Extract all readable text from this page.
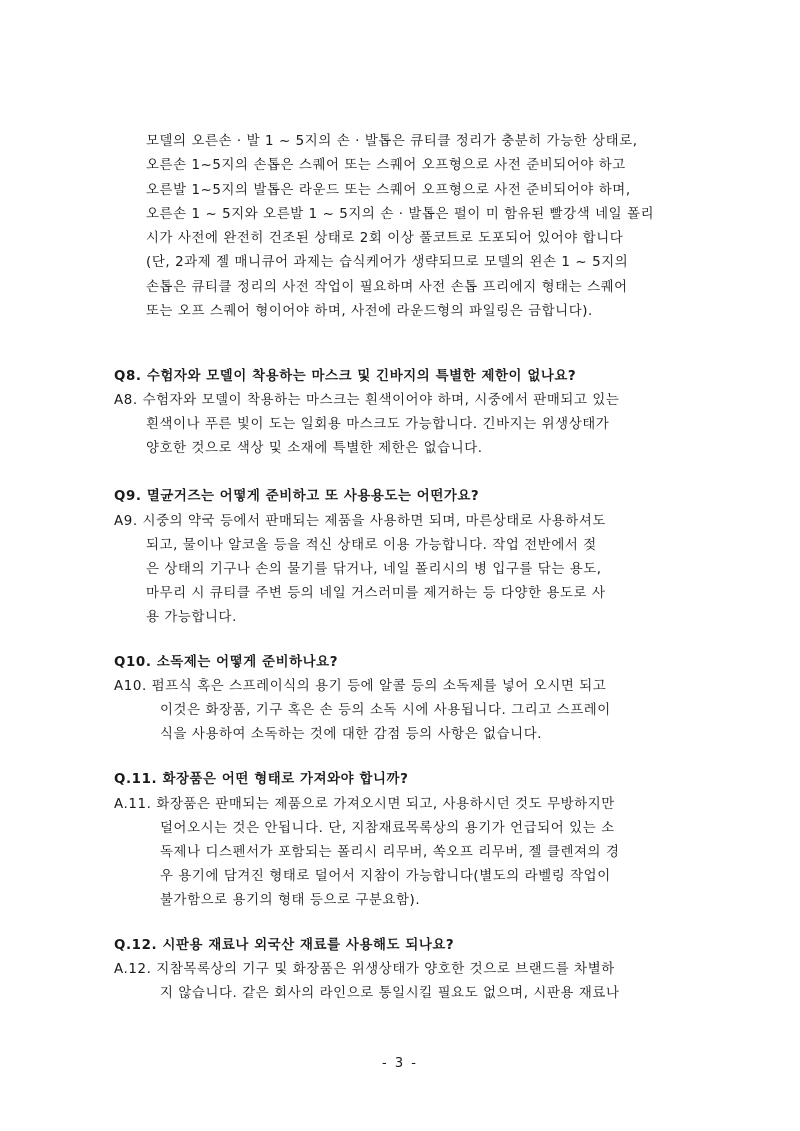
모델의 오른손 · 발 1 ~ 5지의 손 · 발톱은 큐티클 정리가 충분히 가능한 상태로,
오른손 1~5지의 손톱은 스퀘어 또는 스퀘어 오프형으로 사전 준비되어야 하고
오른발 1~5지의 발톱은 라운드 또는 스퀘어 오프형으로 사전 준비되어야 하며,
오른손 1 ~ 5지와 오른발 1 ~ 5지의 손 · 발톱은 펄이 미 함유된 빨강색 네일 폴리
시가 사전에 완전히 건조된 상태로 2회 이상 풀코트로 도포되어 있어야 합니다
(단, 2과제 젤 매니큐어 과제는 습식케어가 생략되므로 모델의 왼손 1 ~ 5지의
손톱은 큐티클 정리의 사전 작업이 필요하며 사전 손톱 프리에지 형태는 스퀘어
또는 오프 스퀘어 형이어야 하며, 사전에 라운드형의 파일링은 금합니다).
Q8. 수험자와 모델이 착용하는 마스크 및 긴바지의 특별한 제한이 없나요?
A8. 수험자와 모델이 착용하는 마스크는 흰색이어야 하며, 시중에서 판매되고 있는
흰색이나 푸른 빛이 도는 일회용 마스크도 가능합니다. 긴바지는 위생상태가
양호한 것으로 색상 및 소재에 특별한 제한은 없습니다.
Q9. 멸균거즈는 어떻게 준비하고 또 사용용도는 어떤가요?
A9. 시중의 약국 등에서 판매되는 제품을 사용하면 되며, 마른상태로 사용하셔도
되고, 물이나 알코올 등을 적신 상태로 이용 가능합니다. 작업 전반에서 젖
은 상태의 기구나 손의 물기를 닦거나, 네일 폴리시의 병 입구를 닦는 용도,
마무리 시 큐티클 주변 등의 네일 거스러미를 제거하는 등 다양한 용도로 사
용 가능합니다.
Q10. 소독제는 어떻게 준비하나요?
A10. 펌프식 혹은 스프레이식의 용기 등에 알콜 등의 소독제를 넣어 오시면 되고
이것은 화장품, 기구 혹은 손 등의 소독 시에 사용됩니다. 그리고 스프레이
식을 사용하여 소독하는 것에 대한 감점 등의 사항은 없습니다.
Q.11. 화장품은 어떤 형태로 가져와야 합니까?
A.11. 화장품은 판매되는 제품으로 가져오시면 되고, 사용하시던 것도 무방하지만
덜어오시는 것은 안됩니다. 단, 지참재료목록상의 용기가 언급되어 있는 소
독제나 디스펜서가 포함되는 폴리시 리무버, 쏙오프 리무버, 젤 클렌져의 경
우 용기에 담겨진 형태로 덜어서 지참이 가능합니다(별도의 라벨링 작업이
불가함으로 용기의 형태 등으로 구분요함).
Q.12. 시판용 재료나 외국산 재료를 사용해도 되나요?
A.12. 지참목록상의 기구 및 화장품은 위생상태가 양호한 것으로 브랜드를 차별하
지 않습니다. 같은 회사의 라인으로 통일시킬 필요도 없으며, 시판용 재료나
- 3 -
